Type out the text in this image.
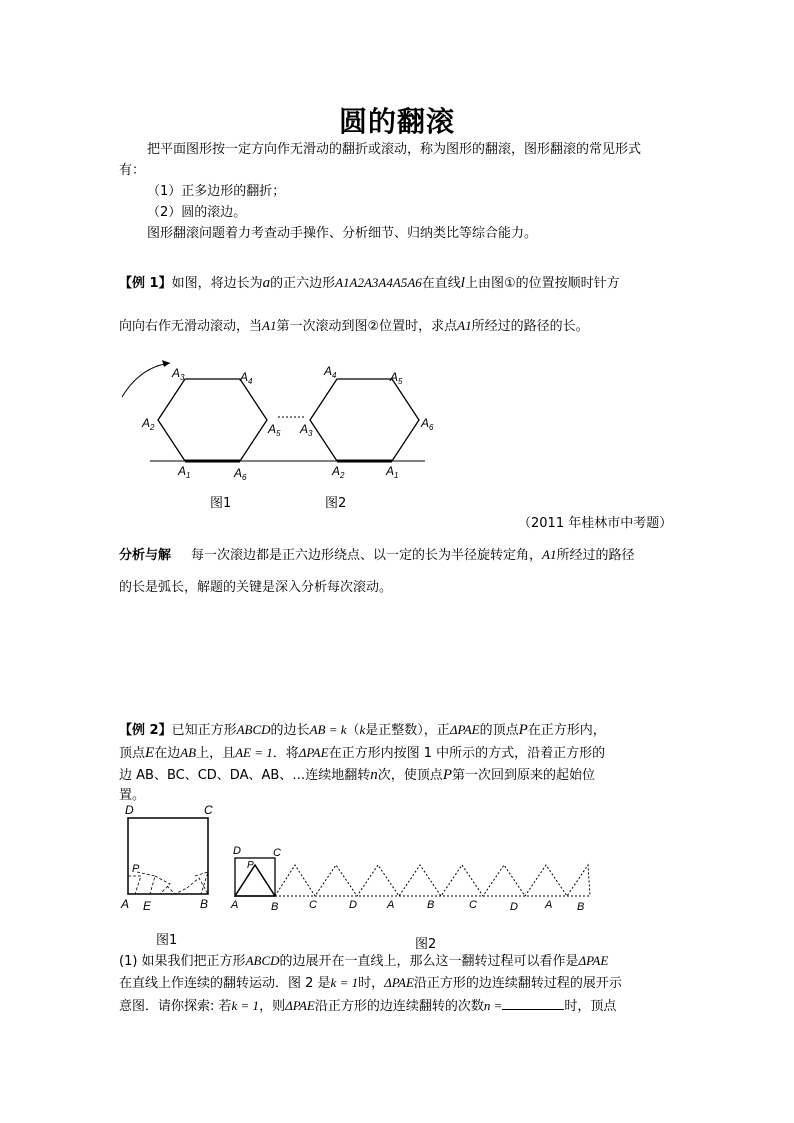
圆的翻滚
把平面图形按一定方向作无滑动的翻折或滚动，称为图形的翻滚，图形翻滚的常见形式
有：
（1）正多边形的翻折；
（2）圆的滚边。
图形翻滚问题着力考查动手操作、分析细节、归纳类比等综合能力。
【例 1】如图，将边长为a的正六边形A1A2A3A4A5A6在直线l上由图①的位置按顺时针方
向向右作无滑动滚动，当A1第一次滚动到图②位置时，求点A1所经过的路径的长。
$A_3$	$A_4$
$A_2$	$A_5$
$A_1$	$A_6$
$A_4$	$A_5$
$A_3$
$A_6$
$A_2$	$A_1$
图1	图2
（2011 年桂林市中考题）
分析与解 每一次滚边都是正六边形绕点、以一定的长为半径旋转定角，A1所经过的路径
的长是弧长，解题的关键是深入分析每次滚动。
【例 2】已知正方形ABCD的边长AB = k（k是正整数），正ΔPAE的顶点P在正方形内，
顶点E在边AB上，且AE = 1．将ΔPAE在正方形内按图 1 中所示的方式，沿着正方形的
边 AB、BC、CD、DA、AB、…连续地翻转n次，使顶点P第一次回到原来的起始位
置。
D	C
P
A E	B
图1
D	C
P
A	B	C	D	A	B	C	D A B
图2
(1) 如果我们把正方形ABCD的边展开在一直线上，那么这一翻转过程可以看作是ΔPAE
在直线上作连续的翻转运动．图 2 是k = 1时，ΔPAE沿正方形的边连续翻转过程的展开示
意图．请你探索: 若k = 1，则ΔPAE沿正方形的边连续翻转的次数n =	时，顶点
